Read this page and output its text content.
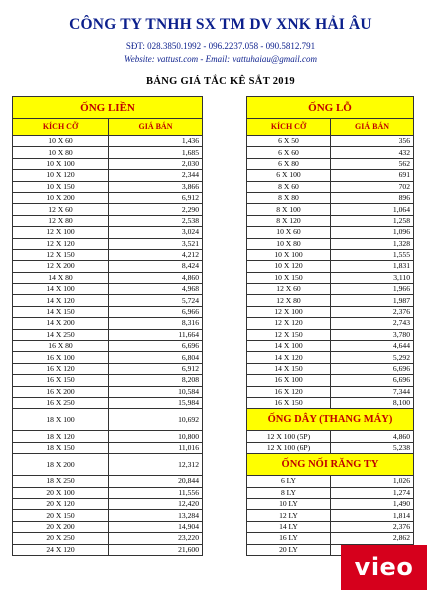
CÔNG TY TNHH SX TM DV XNK HẢI ÂU
SĐT: 028.3850.1992 - 096.2237.058 - 090.5812.791
Website: vattust.com - Email: vattuhaiau@gmail.com
BẢNG GIÁ TẮC KÊ SẮT 2019
ỐNG LIỀN	
KÍCH CỠ	GIÁ BÁN
10 X 60	1,436
10 X 80	1,685
10 X 100	2,030
10 X 120	2,344
10 X 150	3,866
10 X 200	6,912
12 X 60	2,290
12 X 80	2,538
12 X 100	3,024
12 X 120	3,521
12 X 150	4,212
12 X 200	8,424
14 X 80	4,860
14 X 100	4,968
14 X 120	5,724
14 X 150	6,966
14 X 200	8,316
14 X 250	11,664
16 X 80	6,696
16 X 100	6,804
16 X 120	6,912
16 X 150	8,208
16 X 200	10,584
16 X 250	15,984
18 X 100	10,692
18 X 120	10,800
18 X 150	11,016
18 X 200	12,312
18 X 250	20,844
20 X 100	11,556
20 X 120	12,420
20 X 150	13,284
20 X 200	14,904
20 X 250	23,220
24 X 120	21,600
ỐNG LỖ	
KÍCH CỠ	GIÁ BÁN
6 X 50	356
6 X 60	432
6 X 80	562
6 X 100	691
8 X 60	702
8 X 80	896
8 X 100	1,064
8 X 120	1,258
10 X 60	1,096
10 X 80	1,328
10 X 100	1,555
10 X 120	1,831
10 X 150	3,110
12 X 60	1,966
12 X 80	1,987
12 X 100	2,376
12 X 120	2,743
12 X 150	3,780
14 X 100	4,644
14 X 120	5,292
14 X 150	6,696
16 X 100	6,696
16 X 120	7,344
16 X 150	8,100
ỐNG DÂY (THANG MÁY)	
12 X 100 (5P)	4,860
12 X 100 (6P)	5,238
ỐNG NỐI RĂNG TY	
6 LY	1,026
8 LY	1,274
10 LY	1,490
12 LY	1,814
14 LY	2,376
16 LY	2,862
20 LY	
vieo
